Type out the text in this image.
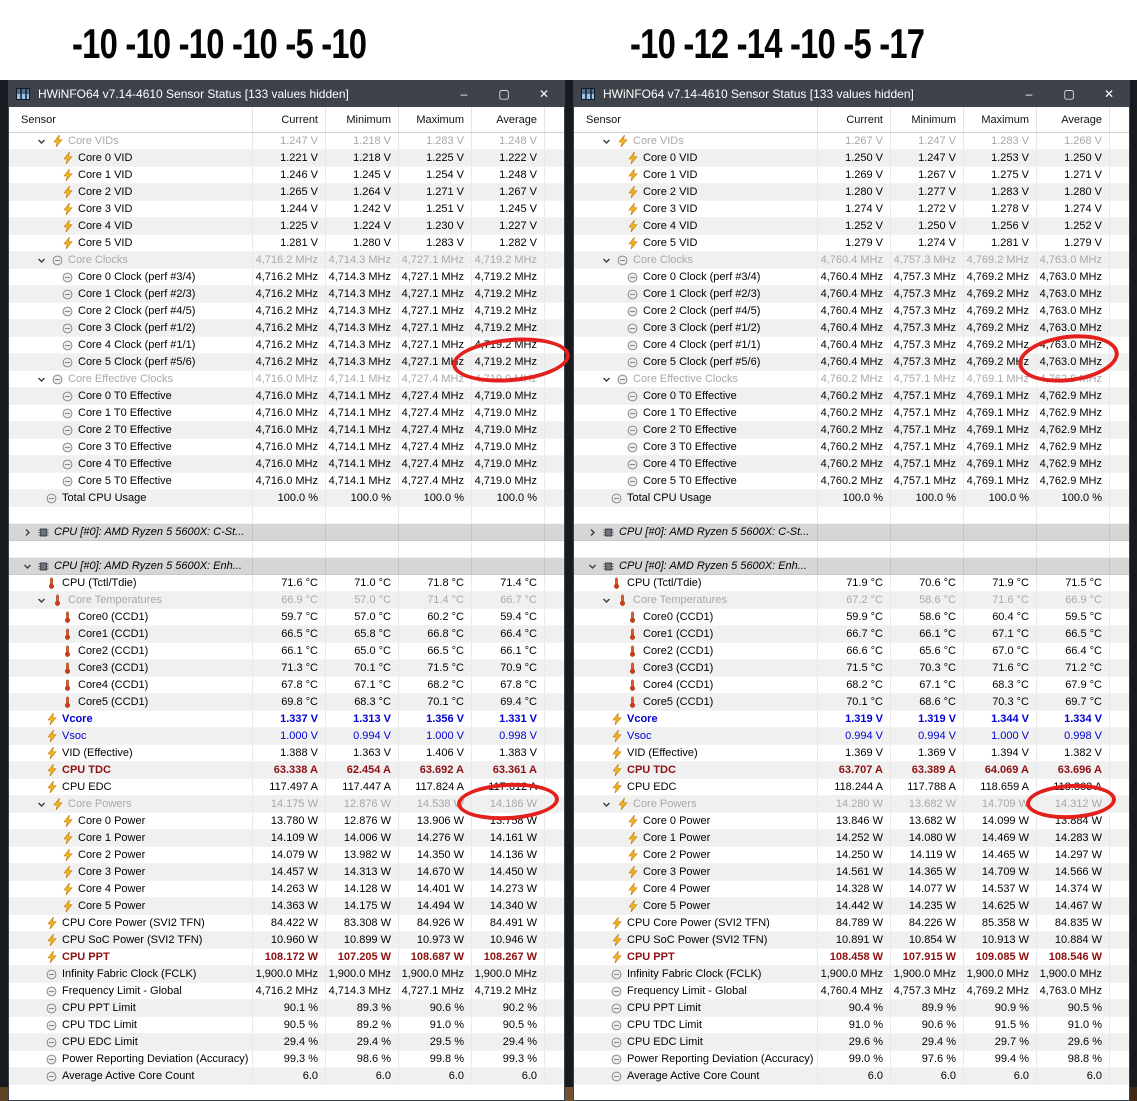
-10 -10 -10 -10 -5 -10	-10 -12 -14 -10 -5 -17
HWiNFO64 v7.14-4610 Sensor Status [133 values hidden]	–	▢	✕
Sensor	Current	Minimum	Maximum	Average
Core VIDs	1.247 V	1.218 V	1.283 V	1.248 V
Core 0 VID	1.221 V	1.218 V	1.225 V	1.222 V
Core 1 VID	1.246 V	1.245 V	1.254 V	1.248 V
Core 2 VID	1.265 V	1.264 V	1.271 V	1.267 V
Core 3 VID	1.244 V	1.242 V	1.251 V	1.245 V
Core 4 VID	1.225 V	1.224 V	1.230 V	1.227 V
Core 5 VID	1.281 V	1.280 V	1.283 V	1.282 V
Core Clocks	4,716.2 MHz 4,714.3 MHz 4,727.1 MHz 4,719.2 MHz
Core 0 Clock (perf #3/4)	4,716.2 MHz 4,714.3 MHz 4,727.1 MHz 4,719.2 MHz
Core 1 Clock (perf #2/3)	4,716.2 MHz 4,714.3 MHz 4,727.1 MHz 4,719.2 MHz
Core 2 Clock (perf #4/5)	4,716.2 MHz 4,714.3 MHz 4,727.1 MHz 4,719.2 MHz
Core 3 Clock (perf #1/2)	4,716.2 MHz 4,714.3 MHz 4,727.1 MHz 4,719.2 MHz
Core 4 Clock (perf #1/1)	4,716.2 MHz 4,714.3 MHz 4,727.1 MHz 4,719.2 MHz
Core 5 Clock (perf #5/6)	4,716.2 MHz 4,714.3 MHz 4,727.1 MHz 4,719.2 MHz
Core Effective Clocks	4,716.0 MHz 4,714.1 MHz 4,727.4 MHz 4,719.0 MHz
Core 0 T0 Effective	4,716.0 MHz 4,714.1 MHz 4,727.4 MHz 4,719.0 MHz
Core 1 T0 Effective	4,716.0 MHz 4,714.1 MHz 4,727.4 MHz 4,719.0 MHz
Core 2 T0 Effective	4,716.0 MHz 4,714.1 MHz 4,727.4 MHz 4,719.0 MHz
Core 3 T0 Effective	4,716.0 MHz 4,714.1 MHz 4,727.4 MHz 4,719.0 MHz
Core 4 T0 Effective	4,716.0 MHz 4,714.1 MHz 4,727.4 MHz 4,719.0 MHz
Core 5 T0 Effective	4,716.0 MHz 4,714.1 MHz 4,727.4 MHz 4,719.0 MHz
Total CPU Usage	100.0 %	100.0 %	100.0 %	100.0 %
CPU [#0]: AMD Ryzen 5 5600X: C-St...
CPU [#0]: AMD Ryzen 5 5600X: Enh...
CPU (Tctl/Tdie)	71.6 °C	71.0 °C	71.8 °C	71.4 °C
Core Temperatures	66.9 °C	57.0 °C	71.4 °C	66.7 °C
Core0 (CCD1)	59.7 °C	57.0 °C	60.2 °C	59.4 °C
Core1 (CCD1)	66.5 °C	65.8 °C	66.8 °C	66.4 °C
Core2 (CCD1)	66.1 °C	65.0 °C	66.5 °C	66.1 °C
Core3 (CCD1)	71.3 °C	70.1 °C	71.5 °C	70.9 °C
Core4 (CCD1)	67.8 °C	67.1 °C	68.2 °C	67.8 °C
Core5 (CCD1)	69.8 °C	68.3 °C	70.1 °C	69.4 °C
Vcore	1.337 V	1.313 V	1.356 V	1.331 V
Vsoc	1.000 V	0.994 V	1.000 V	0.998 V
VID (Effective)	1.388 V	1.363 V	1.406 V	1.383 V
CPU TDC	63.338 A	62.454 A	63.692 A	63.361 A
CPU EDC	117.497 A	117.447 A	117.824 A	117.612 A
Core Powers	14.175 W	12.876 W	14.538 W	14.186 W
Core 0 Power	13.780 W	12.876 W	13.906 W	13.758 W
Core 1 Power	14.109 W	14.006 W	14.276 W	14.161 W
Core 2 Power	14.079 W	13.982 W	14.350 W	14.136 W
Core 3 Power	14.457 W	14.313 W	14.670 W	14.450 W
Core 4 Power	14.263 W	14.128 W	14.401 W	14.273 W
Core 5 Power	14.363 W	14.175 W	14.494 W	14.340 W
CPU Core Power (SVI2 TFN)	84.422 W	83.308 W	84.926 W	84.491 W
CPU SoC Power (SVI2 TFN)	10.960 W	10.899 W	10.973 W	10.946 W
CPU PPT	108.172 W	107.205 W	108.687 W	108.267 W
Infinity Fabric Clock (FCLK)	1,900.0 MHz 1,900.0 MHz 1,900.0 MHz 1,900.0 MHz
Frequency Limit - Global	4,716.2 MHz 4,714.3 MHz 4,727.1 MHz 4,719.2 MHz
CPU PPT Limit	90.1 %	89.3 %	90.6 %	90.2 %
CPU TDC Limit	90.5 %	89.2 %	91.0 %	90.5 %
CPU EDC Limit	29.4 %	29.4 %	29.5 %	29.4 %
Power Reporting Deviation (Accuracy)	99.3 %	98.6 %	99.8 %	99.3 %
Average Active Core Count	6.0	6.0	6.0	6.0
HWiNFO64 v7.14-4610 Sensor Status [133 values hidden]	–	▢	✕
Sensor	Current	Minimum	Maximum	Average
Core VIDs	1.267 V	1.247 V	1.283 V	1.268 V
Core 0 VID	1.250 V	1.247 V	1.253 V	1.250 V
Core 1 VID	1.269 V	1.267 V	1.275 V	1.271 V
Core 2 VID	1.280 V	1.277 V	1.283 V	1.280 V
Core 3 VID	1.274 V	1.272 V	1.278 V	1.274 V
Core 4 VID	1.252 V	1.250 V	1.256 V	1.252 V
Core 5 VID	1.279 V	1.274 V	1.281 V	1.279 V
Core Clocks	4,760.4 MHz 4,757.3 MHz 4,769.2 MHz 4,763.0 MHz
Core 0 Clock (perf #3/4)	4,760.4 MHz 4,757.3 MHz 4,769.2 MHz 4,763.0 MHz
Core 1 Clock (perf #2/3)	4,760.4 MHz 4,757.3 MHz 4,769.2 MHz 4,763.0 MHz
Core 2 Clock (perf #4/5)	4,760.4 MHz 4,757.3 MHz 4,769.2 MHz 4,763.0 MHz
Core 3 Clock (perf #1/2)	4,760.4 MHz 4,757.3 MHz 4,769.2 MHz 4,763.0 MHz
Core 4 Clock (perf #1/1)	4,760.4 MHz 4,757.3 MHz 4,769.2 MHz 4,763.0 MHz
Core 5 Clock (perf #5/6)	4,760.4 MHz 4,757.3 MHz 4,769.2 MHz 4,763.0 MHz
Core Effective Clocks	4,760.2 MHz 4,757.1 MHz 4,769.1 MHz 4,762.9 MHz
Core 0 T0 Effective	4,760.2 MHz 4,757.1 MHz 4,769.1 MHz 4,762.9 MHz
Core 1 T0 Effective	4,760.2 MHz 4,757.1 MHz 4,769.1 MHz 4,762.9 MHz
Core 2 T0 Effective	4,760.2 MHz 4,757.1 MHz 4,769.1 MHz 4,762.9 MHz
Core 3 T0 Effective	4,760.2 MHz 4,757.1 MHz 4,769.1 MHz 4,762.9 MHz
Core 4 T0 Effective	4,760.2 MHz 4,757.1 MHz 4,769.1 MHz 4,762.9 MHz
Core 5 T0 Effective	4,760.2 MHz 4,757.1 MHz 4,769.1 MHz 4,762.9 MHz
Total CPU Usage	100.0 %	100.0 %	100.0 %	100.0 %
CPU [#0]: AMD Ryzen 5 5600X: C-St...
CPU [#0]: AMD Ryzen 5 5600X: Enh...
CPU (Tctl/Tdie)	71.9 °C	70.6 °C	71.9 °C	71.5 °C
Core Temperatures	67.2 °C	58.6 °C	71.6 °C	66.9 °C
Core0 (CCD1)	59.9 °C	58.6 °C	60.4 °C	59.5 °C
Core1 (CCD1)	66.7 °C	66.1 °C	67.1 °C	66.5 °C
Core2 (CCD1)	66.6 °C	65.6 °C	67.0 °C	66.4 °C
Core3 (CCD1)	71.5 °C	70.3 °C	71.6 °C	71.2 °C
Core4 (CCD1)	68.2 °C	67.1 °C	68.3 °C	67.9 °C
Core5 (CCD1)	70.1 °C	68.6 °C	70.3 °C	69.7 °C
Vcore	1.319 V	1.319 V	1.344 V	1.334 V
Vsoc	0.994 V	0.994 V	1.000 V	0.998 V
VID (Effective)	1.369 V	1.369 V	1.394 V	1.382 V
CPU TDC	63.707 A	63.389 A	64.069 A	63.696 A
CPU EDC	118.244 A	117.788 A	118.659 A	118.363 A
Core Powers	14.280 W	13.682 W	14.709 W	14.312 W
Core 0 Power	13.846 W	13.682 W	14.099 W	13.884 W
Core 1 Power	14.252 W	14.080 W	14.469 W	14.283 W
Core 2 Power	14.250 W	14.119 W	14.465 W	14.297 W
Core 3 Power	14.561 W	14.365 W	14.709 W	14.566 W
Core 4 Power	14.328 W	14.077 W	14.537 W	14.374 W
Core 5 Power	14.442 W	14.235 W	14.625 W	14.467 W
CPU Core Power (SVI2 TFN)	84.789 W	84.226 W	85.358 W	84.835 W
CPU SoC Power (SVI2 TFN)	10.891 W	10.854 W	10.913 W	10.884 W
CPU PPT	108.458 W	107.915 W	109.085 W	108.546 W
Infinity Fabric Clock (FCLK)	1,900.0 MHz 1,900.0 MHz 1,900.0 MHz 1,900.0 MHz
Frequency Limit - Global	4,760.4 MHz 4,757.3 MHz 4,769.2 MHz 4,763.0 MHz
CPU PPT Limit	90.4 %	89.9 %	90.9 %	90.5 %
CPU TDC Limit	91.0 %	90.6 %	91.5 %	91.0 %
CPU EDC Limit	29.6 %	29.4 %	29.7 %	29.6 %
Power Reporting Deviation (Accuracy)	99.0 %	97.6 %	99.4 %	98.8 %
Average Active Core Count	6.0	6.0	6.0	6.0
